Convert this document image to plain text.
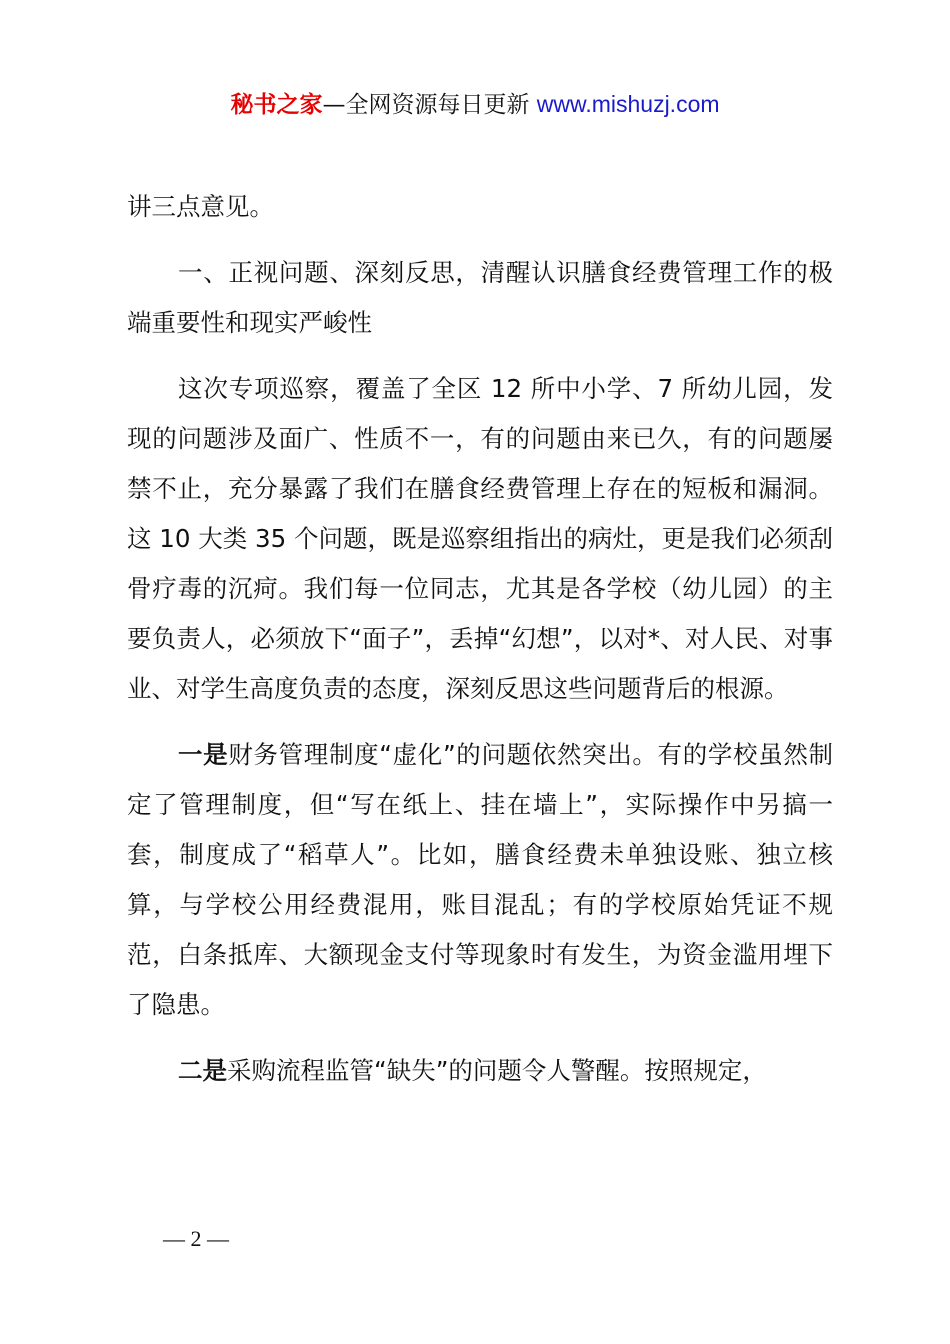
秘书之家—全网资源每日更新 www.mishuzj.com

讲三点意见。

一、正视问题、深刻反思，清醒认识膳食经费管理工作的极端重要性和现实严峻性

这次专项巡察，覆盖了全区 12 所中小学、7 所幼儿园，发现的问题涉及面广、性质不一，有的问题由来已久，有的问题屡禁不止，充分暴露了我们在膳食经费管理上存在的短板和漏洞。这 10 大类 35 个问题，既是巡察组指出的病灶，更是我们必须刮骨疗毒的沉疴。我们每一位同志，尤其是各学校（幼儿园）的主要负责人，必须放下“面子”，丢掉“幻想”，以对*、对人民、对事业、对学生高度负责的态度，深刻反思这些问题背后的根源。

一是财务管理制度“虚化”的问题依然突出。有的学校虽然制定了管理制度，但“写在纸上、挂在墙上”，实际操作中另搞一套，制度成了“稻草人”。比如，膳食经费未单独设账、独立核算，与学校公用经费混用，账目混乱；有的学校原始凭证不规范，白条抵库、大额现金支付等现象时有发生，为资金滥用埋下了隐患。

二是采购流程监管“缺失”的问题令人警醒。按照规定，

— 2 —
